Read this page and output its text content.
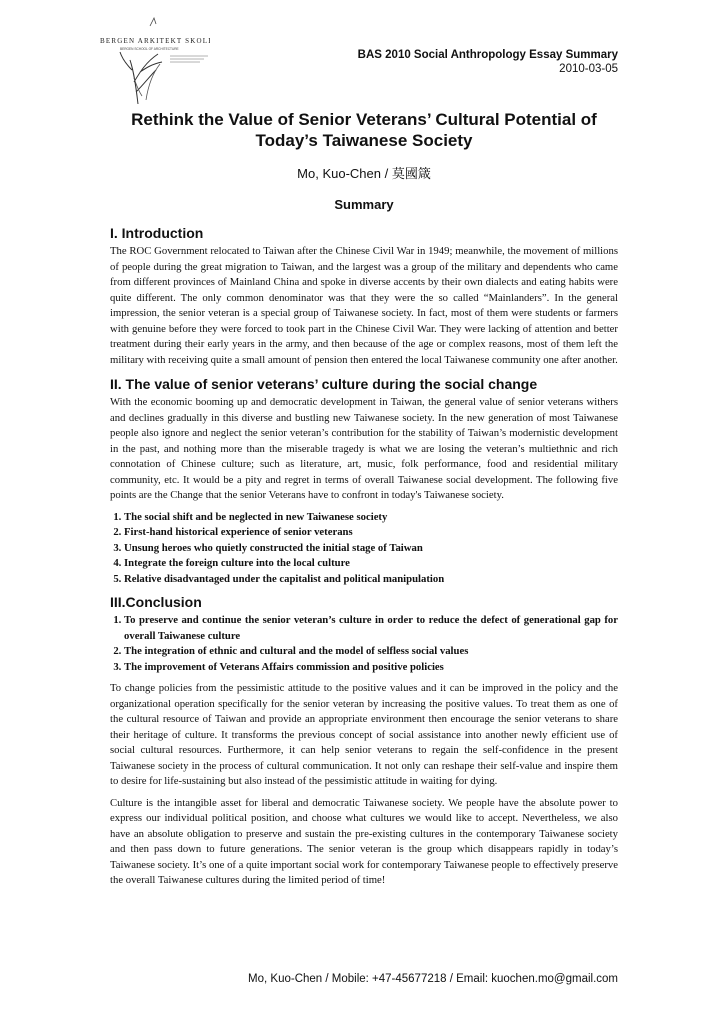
BERGEN ARKITEKT SKOLE
BERGEN SCHOOL OF ARCHITECTURE	BAS 2010 Social Anthropology Essay Summary
2010-03-05
Rethink the Value of Senior Veterans’ Cultural Potential of Today’s Taiwanese Society
Mo, Kuo-Chen / 莫國箴
Summary
I. Introduction

The ROC Government relocated to Taiwan after the Chinese Civil War in 1949; meanwhile, the movement of millions of people during the great migration to Taiwan, and the largest was a group of the military and dependents who came from different provinces of Mainland China and spoke in diverse accents by their own dialects and eating habits were quite different. The only common denominator was that they were the so called “Mainlanders”. In the general impression, the senior veteran is a special group of Taiwanese society. In fact, most of them were students or farmers with genuine before they were forced to took part in the Chinese Civil War. They were lacking of attention and better treatment during their early years in the army, and then because of the age or complex reasons, most of them left the military with receiving quite a small amount of pension then entered the local Taiwanese community one after another.

II. The value of senior veterans’ culture during the social change

With the economic booming up and democratic development in Taiwan, the general value of senior veterans withers and declines gradually in this diverse and bustling new Taiwanese society. In the new generation of most Taiwanese people also ignore and neglect the senior veteran’s contribution for the stability of Taiwan’s modernistic development in the past, and nothing more than the miserable tragedy is what we are losing the veteran’s multiethnic and rich connotation of Chinese culture; such as literature, art, music, folk performance, food and residential military community, etc. It would be a pity and regret in terms of overall Taiwanese social development. The following five points are the Change that the senior Veterans have to confront in today's Taiwanese society.

1. The social shift and be neglected in new Taiwanese society
2. First-hand historical experience of senior veterans
3. Unsung heroes who quietly constructed the initial stage of Taiwan
4. Integrate the foreign culture into the local culture
5. Relative disadvantaged under the capitalist and political manipulation
III.Conclusion
1. To preserve and continue the senior veteran’s culture in order to reduce the defect of generational gap for overall Taiwanese culture
2. The integration of ethnic and cultural and the model of selfless social values
3. The improvement of Veterans Affairs commission and positive policies

To change policies from the pessimistic attitude to the positive values and it can be improved in the policy and the organizational operation specifically for the senior veteran by increasing the positive values. To treat them as one of the cultural resource of Taiwan and provide an appropriate environment then encourage the senior veterans to share their heritage of culture. It transforms the previous concept of social assistance into another newly efficient use of social cultural resources. Furthermore, it can help senior veterans to regain the self-confidence in the present Taiwanese society in the process of cultural communication. It not only can reshape their self-value and inspire them to desire for life-sustaining but also instead of the pessimistic attitude in waiting for dying.

Culture is the intangible asset for liberal and democratic Taiwanese society. We people have the absolute power to express our individual political position, and choose what cultures we would like to accept. Nevertheless, we also have an absolute obligation to preserve and sustain the pre-existing cultures in the contemporary Taiwanese society and then pass down to future generations. The senior veteran is the group which disappears rapidly in today’s Taiwanese society. It’s one of a quite important social work for contemporary Taiwanese people to effectively preserve the overall Taiwanese cultures during the limited period of time!

Mo, Kuo-Chen / Mobile: +47-45677218 / Email: kuochen.mo@gmail.com
